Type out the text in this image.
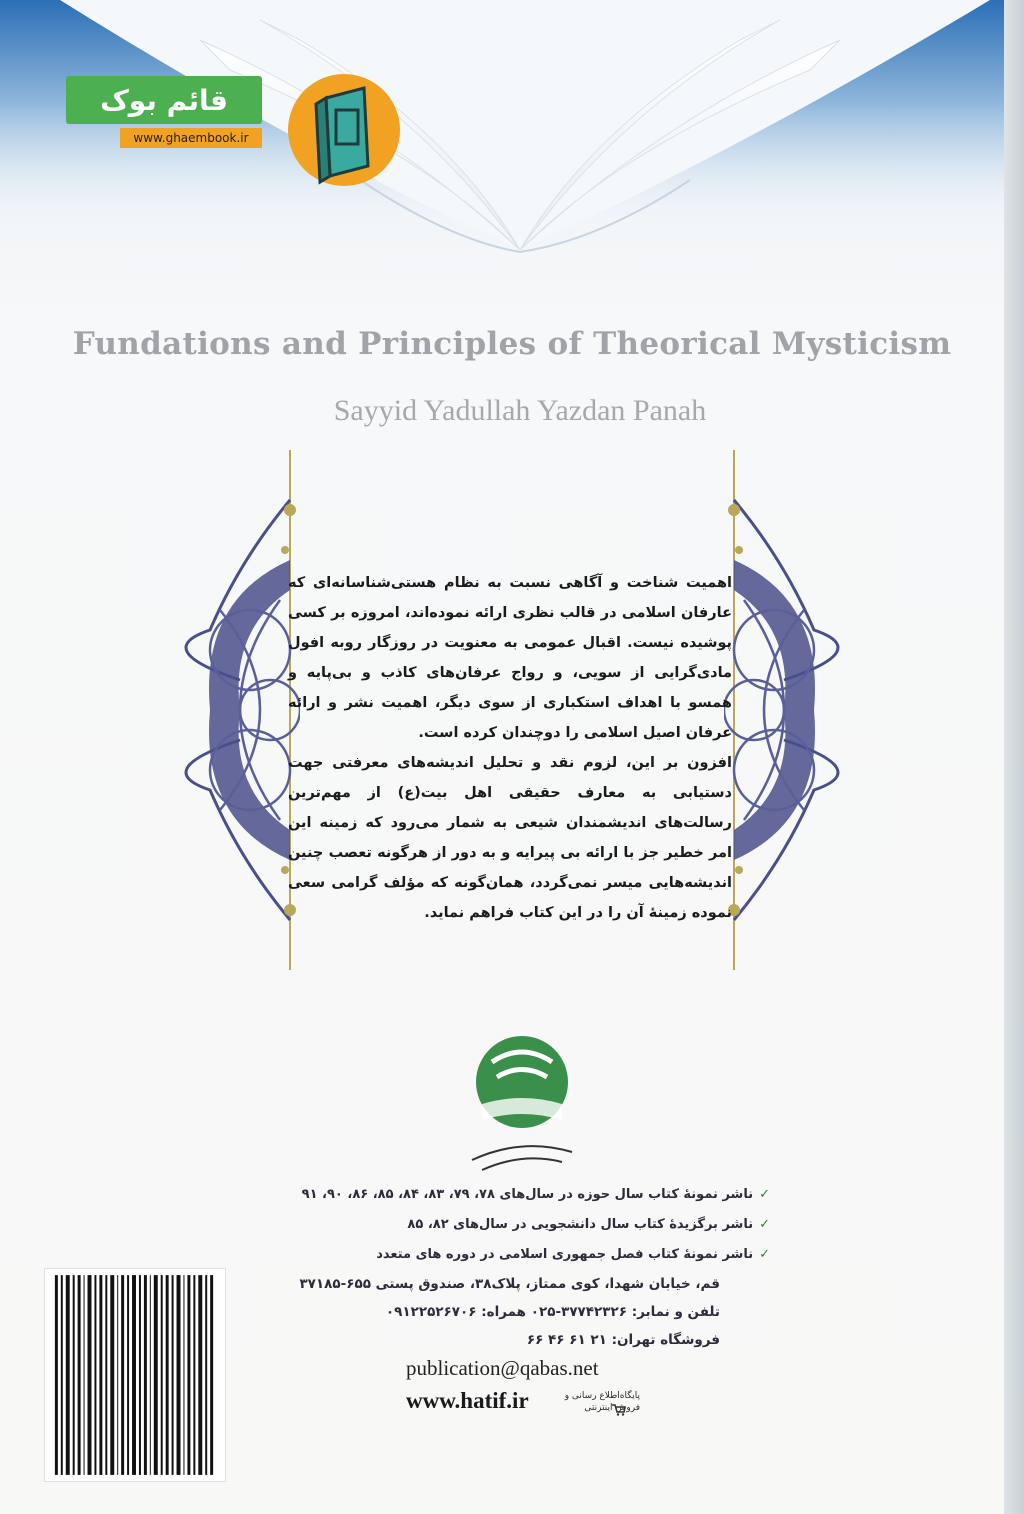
قائم بوک
www.ghaembook.ir
Fundations and Principles of Theorical Mysticism
Sayyid Yadullah Yazdan Panah

اهمیت شناخت و آگاهی نسبت به نظام هستی‌شناسانه‌ای که عارفان اسلامی در قالب نظری ارائه نموده‌اند، امروزه بر کسی پوشیده نیست. اقبال عمومی به معنویت در روزگار روبه افول مادی‌گرایی از سویی، و رواج عرفان‌های کاذب و بی‌پایه و همسو با اهداف استکباری از سوی دیگر، اهمیت نشر و ارائه عرفان اصیل اسلامی را دوچندان کرده است.

افزون بر این، لزوم نقد و تحلیل اندیشه‌های معرفتی جهت دستیابی به معارف حقیقی اهل بیت(ع) از مهم‌ترین رسالت‌های اندیشمندان شیعی به شمار می‌رود که زمینه این امر خطیر جز با ارائه بی پیرایه و به دور از هرگونه تعصب چنین اندیشه‌هایی میسر نمی‌گردد، همان‌گونه که مؤلف گرامی سعی نموده زمینهٔ آن را در این کتاب فراهم نماید.

✓ناشر نمونهٔ کتاب سال حوزه در سال‌های ۷۸، ۷۹، ۸۳، ۸۴، ۸۵، ۸۶، ۹۰، ۹۱
✓ناشر برگزیدهٔ کتاب سال دانشجویی در سال‌های ۸۲، ۸۵
✓ناشر نمونهٔ کتاب فصل جمهوری اسلامی در دوره های متعدد
قم، خیابان شهدا، کوی ممتاز، پلاک۳۸، صندوق پستی ۶۵۵-۳۷۱۸۵
تلفن و نمابر: ۳۷۷۴۲۳۲۶-۰۲۵ همراه: ۰۹۱۲۲۵۲۶۷۰۶
فروشگاه تهران: ۲۱ ۶۱ ۴۶ ۶۶
publication@qabas.net
www.hatif.ir	پایگاه‌اطلاع رسانی و فروش اینترنتی
